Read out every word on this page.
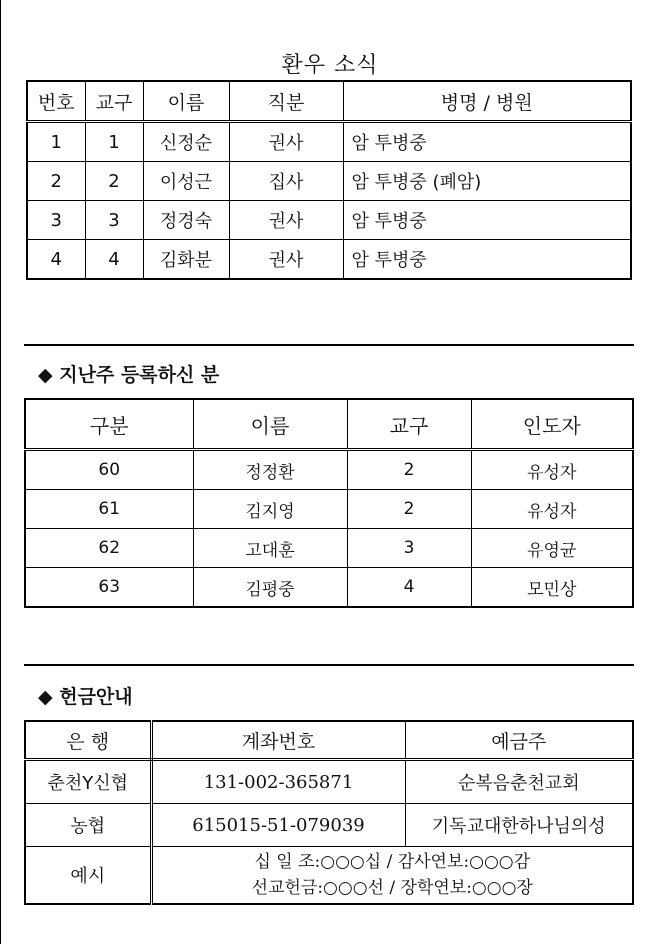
환우 소식
번호	교구	이름	직분	병명 / 병원
1	1	신정순	권사	암 투병중
2	2	이성근	집사	암 투병중 (폐암)
3	3	정경숙	권사	암 투병중
4	4	김화분	권사	암 투병중
◆ 지난주 등록하신 분
구분	이름	교구	인도자
60	정정환	2	유성자
61	김지영	2	유성자
62	고대훈	3	유영균
63	김평중	4	모민상
◆ 헌금안내
은 행	계좌번호	예금주
춘천Y신협	131-002-365871	순복음춘천교회
농협	615015-51-079039	기독교대한하나님의성
예시	십 일 조:○○○십 / 감사연보:○○○감
선교헌금:○○○선 / 장학연보:○○○장	
